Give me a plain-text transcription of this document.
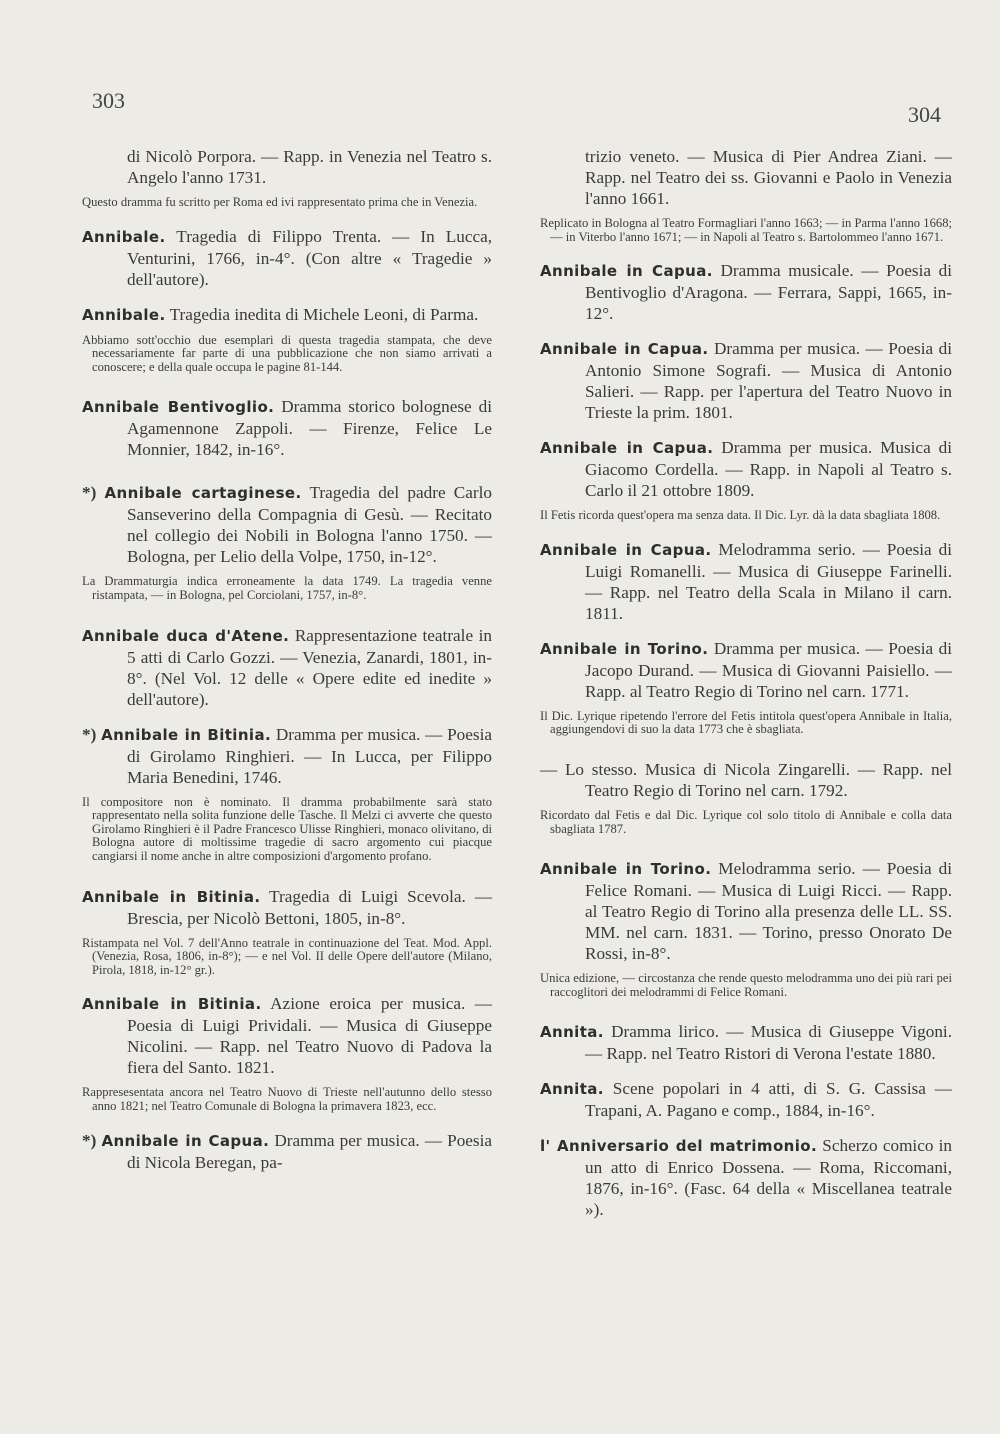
303
304

di Nicolò Porpora. — Rapp. in Venezia nel Teatro s. Angelo l'anno 1731.

Questo dramma fu scritto per Roma ed ivi rappresentato prima che in Venezia.

Annibale. Tragedia di Filippo Trenta. — In Lucca, Venturini, 1766, in-4°. (Con altre « Tragedie » dell'autore).

Annibale. Tragedia inedita di Michele Leoni, di Parma.

Abbiamo sott'occhio due esemplari di questa tragedia stampata, che deve necessariamente far parte di una pubblicazione che non siamo arrivati a conoscere; e della quale occupa le pagine 81-144.

Annibale Bentivoglio. Dramma storico bolognese di Agamennone Zappoli. — Firenze, Felice Le Monnier, 1842, in-16°.

*) Annibale cartaginese. Tragedia del padre Carlo Sanseverino della Compagnia di Gesù. — Recitato nel collegio dei Nobili in Bologna l'anno 1750. — Bologna, per Lelio della Volpe, 1750, in-12°.

La Drammaturgia indica erroneamente la data 1749. La tragedia venne ristampata, — in Bologna, pel Corciolani, 1757, in-8°.

Annibale duca d'Atene. Rappresentazione teatrale in 5 atti di Carlo Gozzi. — Venezia, Zanardi, 1801, in-8°. (Nel Vol. 12 delle « Opere edite ed inedite » dell'autore).

*) Annibale in Bitinia. Dramma per musica. — Poesia di Girolamo Ringhieri. — In Lucca, per Filippo Maria Benedini, 1746.

Il compositore non è nominato. Il dramma probabilmente sarà stato rappresentato nella solita funzione delle Tasche. Il Melzi ci avverte che questo Girolamo Ringhieri è il Padre Francesco Ulisse Ringhieri, monaco olivitano, di Bologna autore di moltissime tragedie di sacro argomento cui piacque cangiarsi il nome anche in altre composizioni d'argomento profano.

Annibale in Bitinia. Tragedia di Luigi Scevola. — Brescia, per Nicolò Bettoni, 1805, in-8°.

Ristampata nel Vol. 7 dell'Anno teatrale in continuazione del Teat. Mod. Appl. (Venezia, Rosa, 1806, in-8°); — e nel Vol. II delle Opere dell'autore (Milano, Pirola, 1818, in-12° gr.).

Annibale in Bitinia. Azione eroica per musica. — Poesia di Luigi Prividali. — Musica di Giuseppe Nicolini. — Rapp. nel Teatro Nuovo di Padova la fiera del Santo. 1821.

Rappresesentata ancora nel Teatro Nuovo di Trieste nell'autunno dello stesso anno 1821; nel Teatro Comunale di Bologna la primavera 1823, ecc.

*) Annibale in Capua. Dramma per musica. — Poesia di Nicola Beregan, pa-

trizio veneto. — Musica di Pier Andrea Ziani. — Rapp. nel Teatro dei ss. Giovanni e Paolo in Venezia l'anno 1661.

Replicato in Bologna al Teatro Formagliari l'anno 1663; — in Parma l'anno 1668; — in Viterbo l'anno 1671; — in Napoli al Teatro s. Bartolommeo l'anno 1671.

Annibale in Capua. Dramma musicale. — Poesia di Bentivoglio d'Aragona. — Ferrara, Sappi, 1665, in-12°.

Annibale in Capua. Dramma per musica. — Poesia di Antonio Simone Sografi. — Musica di Antonio Salieri. — Rapp. per l'apertura del Teatro Nuovo in Trieste la prim. 1801.

Annibale in Capua. Dramma per musica. Musica di Giacomo Cordella. — Rapp. in Napoli al Teatro s. Carlo il 21 ottobre 1809.

Il Fetis ricorda quest'opera ma senza data. Il Dic. Lyr. dà la data sbagliata 1808.

Annibale in Capua. Melodramma serio. — Poesia di Luigi Romanelli. — Musica di Giuseppe Farinelli. — Rapp. nel Teatro della Scala in Milano il carn. 1811.

Annibale in Torino. Dramma per musica. — Poesia di Jacopo Durand. — Musica di Giovanni Paisiello. — Rapp. al Teatro Regio di Torino nel carn. 1771.

Il Dic. Lyrique ripetendo l'errore del Fetis intitola quest'opera Annibale in Italia, aggiungendovi di suo la data 1773 che è sbagliata.

— Lo stesso. Musica di Nicola Zingarelli. — Rapp. nel Teatro Regio di Torino nel carn. 1792.

Ricordato dal Fetis e dal Dic. Lyrique col solo titolo di Annibale e colla data sbagliata 1787.

Annibale in Torino. Melodramma serio. — Poesia di Felice Romani. — Musica di Luigi Ricci. — Rapp. al Teatro Regio di Torino alla presenza delle LL. SS. MM. nel carn. 1831. — Torino, presso Onorato De Rossi, in-8°.

Unica edizione, — circostanza che rende questo melodramma uno dei più rari pei raccoglitori dei melodrammi di Felice Romani.

Annita. Dramma lirico. — Musica di Giuseppe Vigoni. — Rapp. nel Teatro Ristori di Verona l'estate 1880.

Annita. Scene popolari in 4 atti, di S. G. Cassisa — Trapani, A. Pagano e comp., 1884, in-16°.

l' Anniversario del matrimonio. Scherzo comico in un atto di Enrico Dossena. — Roma, Riccomani, 1876, in-16°. (Fasc. 64 della « Miscellanea teatrale »).
